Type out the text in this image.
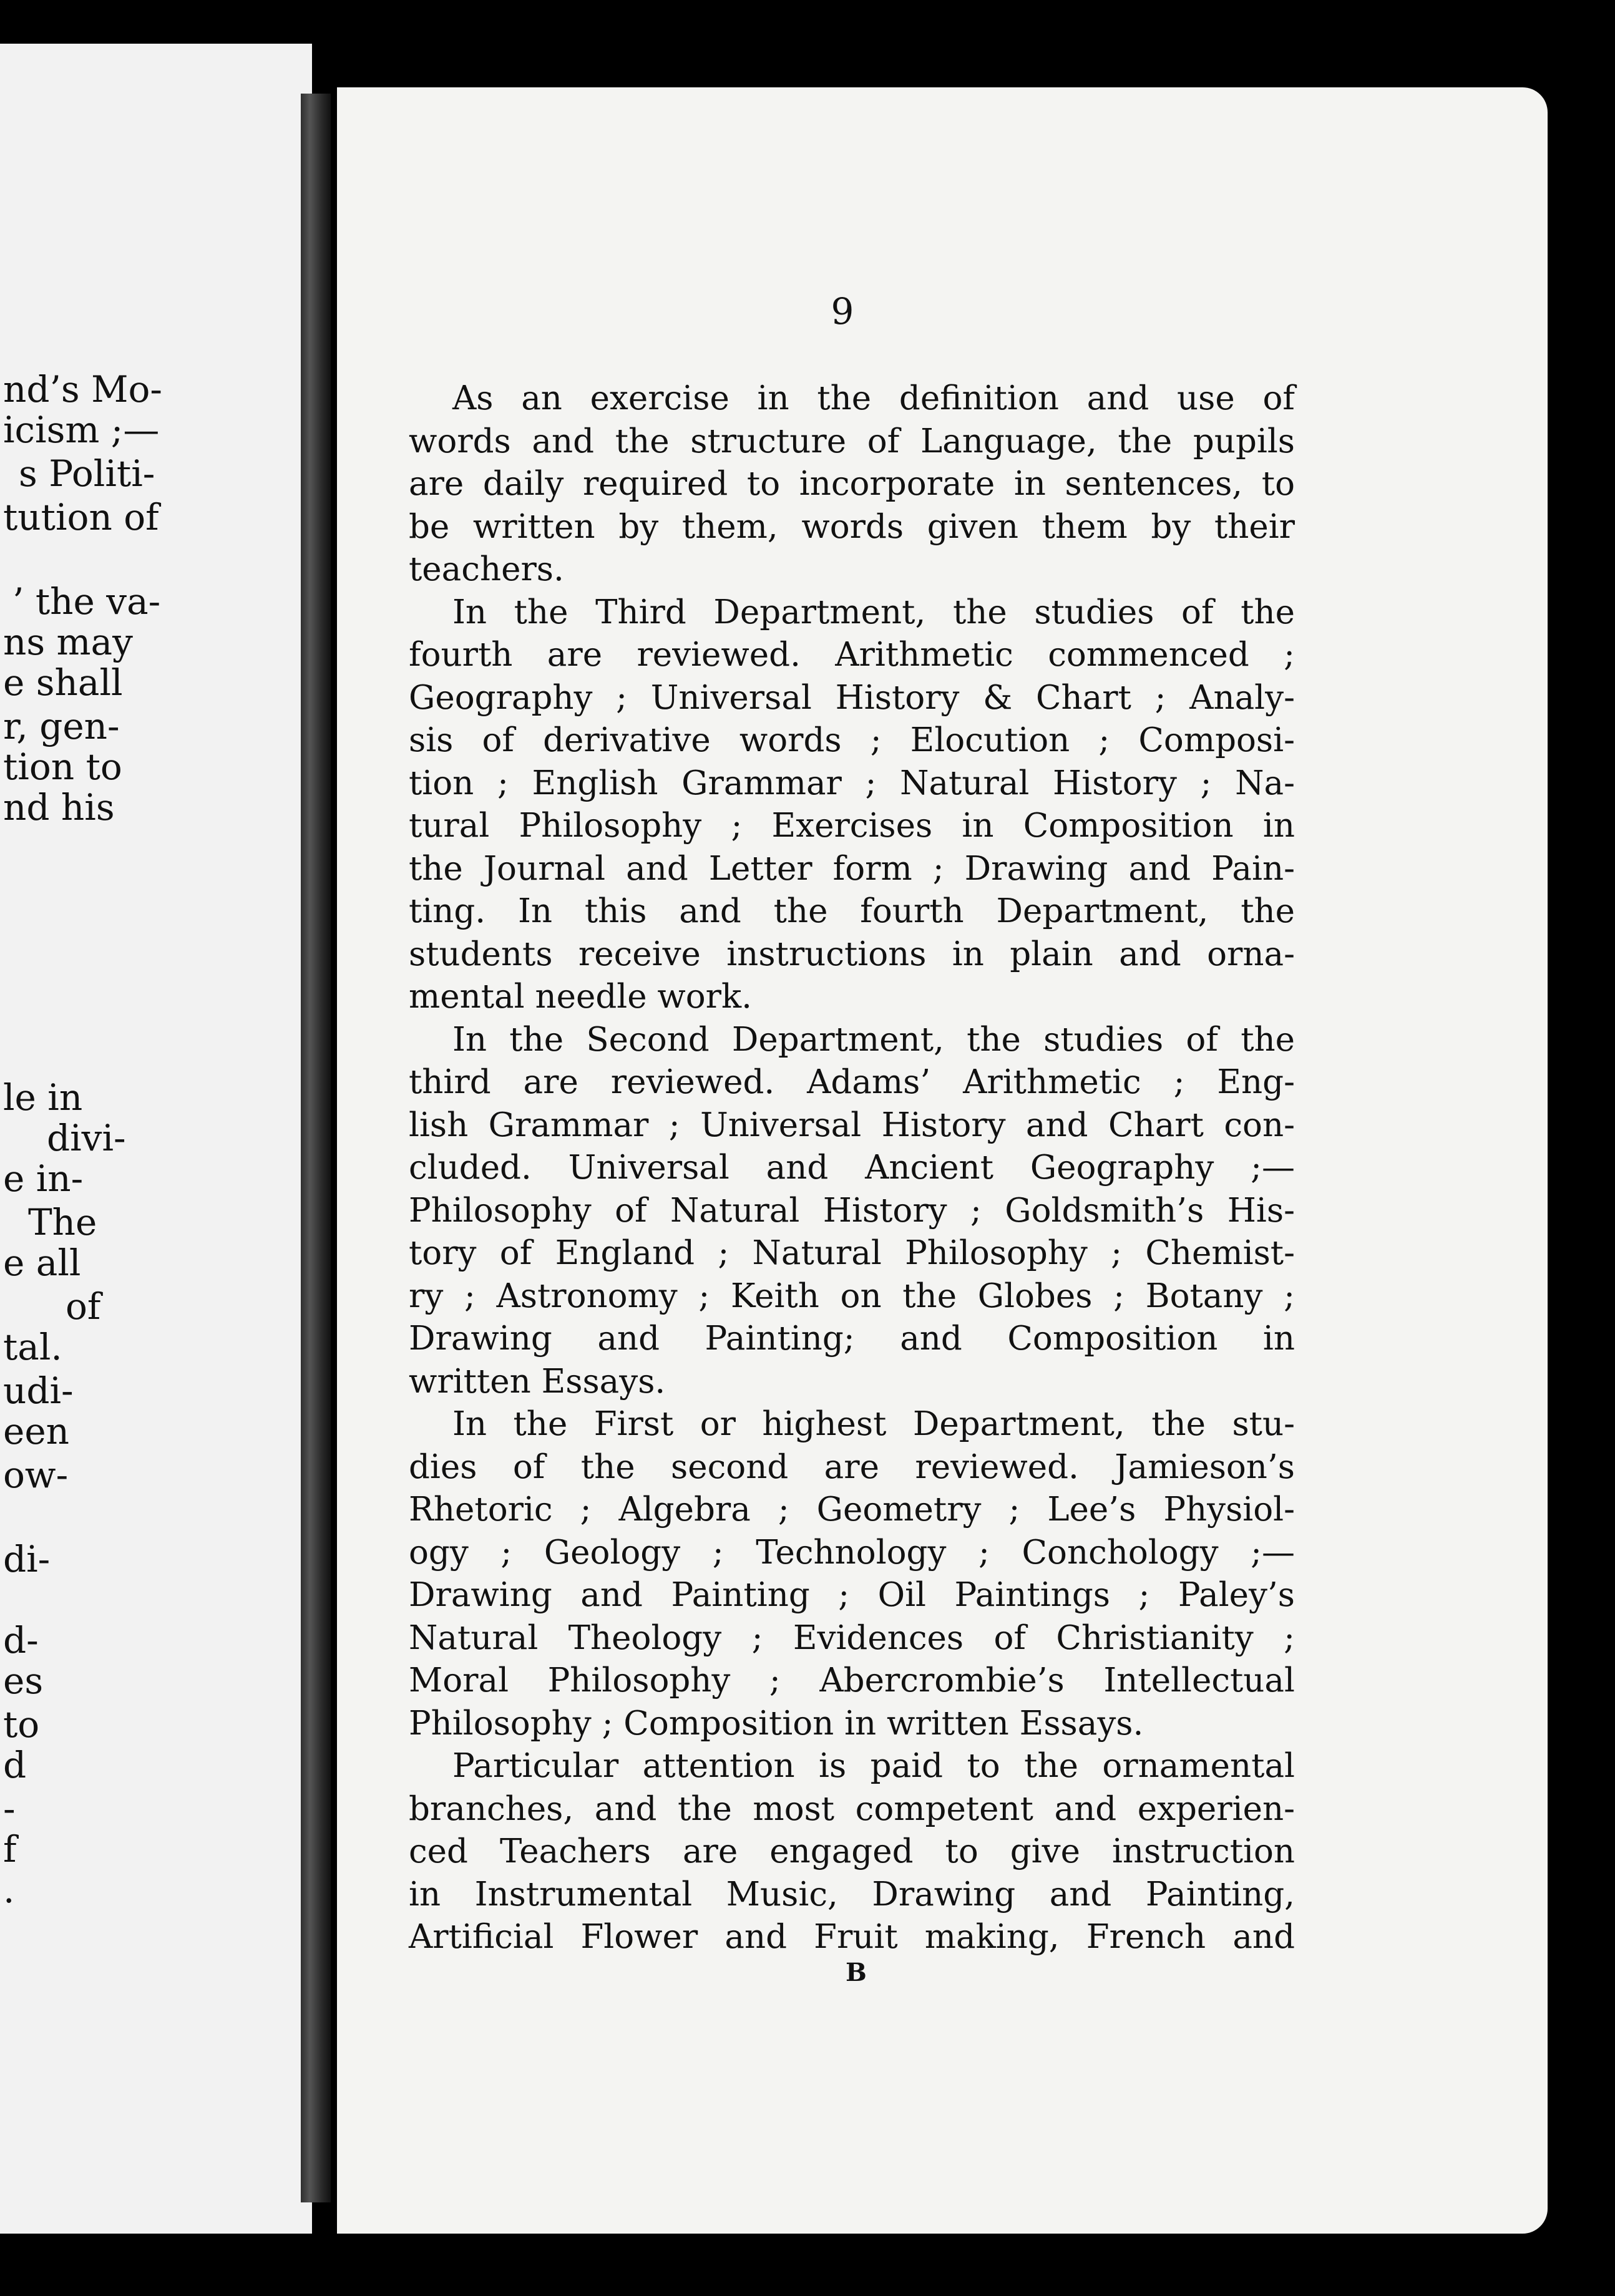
nd’s Mo-
icism ;—
s Politi-
tution of
’ the va-
ns may
e shall
r, gen-
tion to
nd his
le in
divi-
e in-
The
e all
of
tal.
udi-
een
ow-
di-
d-
es
to
d
-
f
.
9

As an exercise in the definition and use of
words and the structure of Language, the pupils
are daily required to incorporate in sentences, to
be written by them, words given them by their
teachers.

In the Third Department, the studies of the
fourth are reviewed. Arithmetic commenced ;
Geography ; Universal History & Chart ; Analy-
sis of derivative words ; Elocution ; Composi-
tion ; English Grammar ; Natural History ; Na-
tural Philosophy ; Exercises in Composition in
the Journal and Letter form ; Drawing and Pain-
ting. In this and the fourth Department, the
students receive instructions in plain and orna-
mental needle work.

In the Second Department, the studies of the
third are reviewed. Adams’ Arithmetic ; Eng-
lish Grammar ; Universal History and Chart con-
cluded. Universal and Ancient Geography ;—
Philosophy of Natural History ; Goldsmith’s His-
tory of England ; Natural Philosophy ; Chemist-
ry ; Astronomy ; Keith on the Globes ; Botany ;
Drawing and Painting; and Composition in
written Essays.

In the First or highest Department, the stu-
dies of the second are reviewed. Jamieson’s
Rhetoric ; Algebra ; Geometry ; Lee’s Physiol-
ogy ; Geology ; Technology ; Conchology ;—
Drawing and Painting ; Oil Paintings ; Paley’s
Natural Theology ; Evidences of Christianity ;
Moral Philosophy ; Abercrombie’s Intellectual
Philosophy ; Composition in written Essays.

Particular attention is paid to the ornamental
branches, and the most competent and experien-
ced Teachers are engaged to give instruction
in Instrumental Music, Drawing and Painting,
Artificial Flower and Fruit making, French and

B
